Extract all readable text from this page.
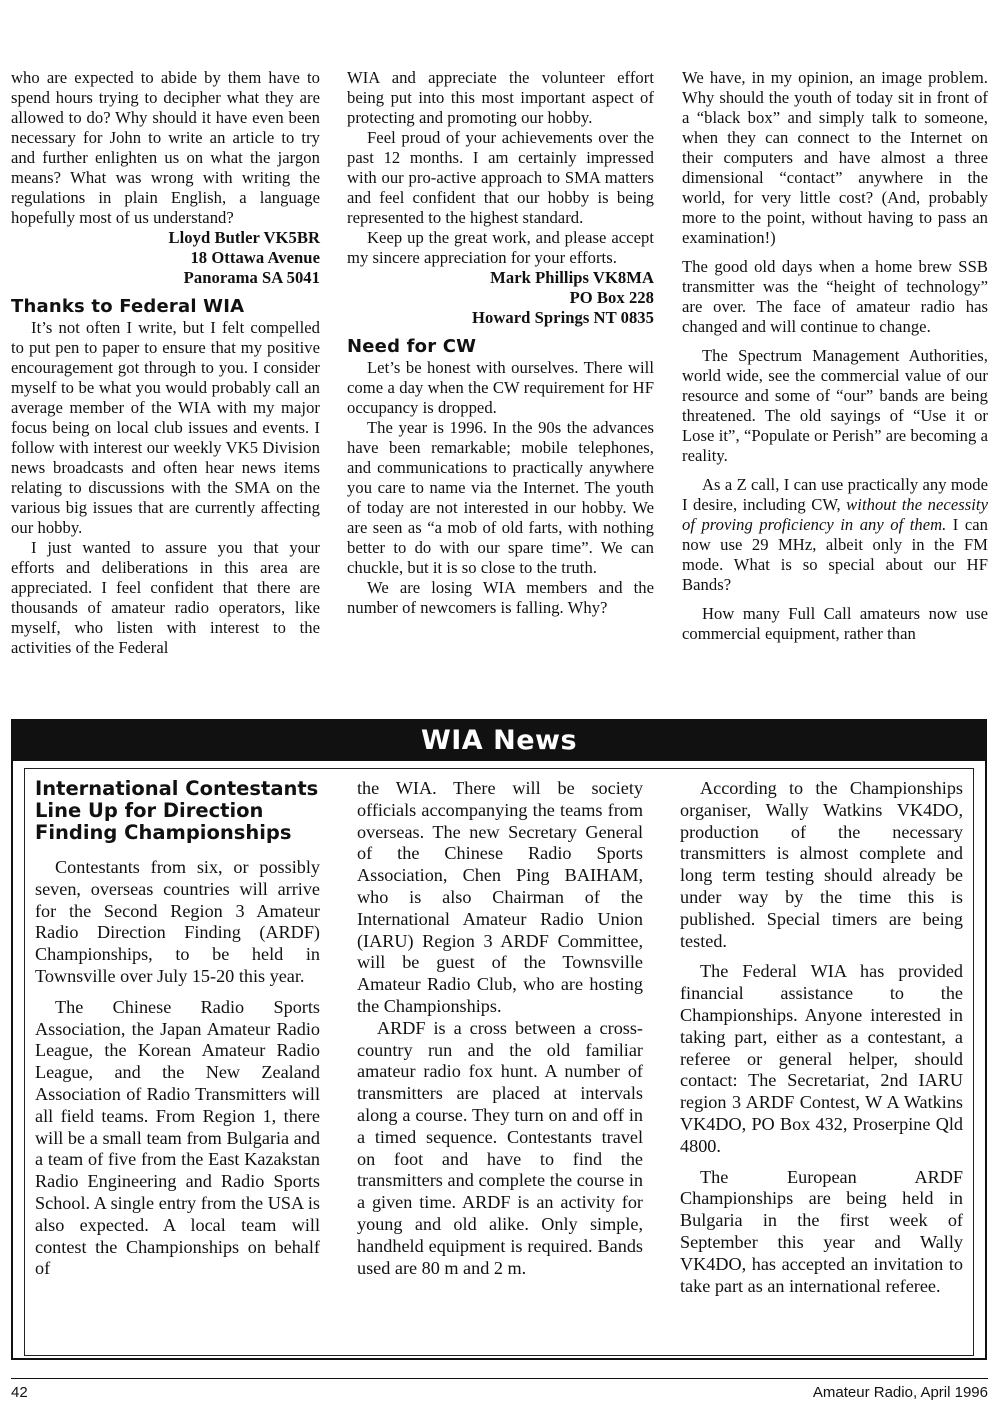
who are expected to abide by them have to spend hours trying to decipher what they are allowed to do? Why should it have even been necessary for John to write an article to try and further enlighten us on what the jargon means? What was wrong with writing the regulations in plain English, a language hopefully most of us understand?

Lloyd Butler VK5BR
18 Ottawa Avenue
Panorama SA 5041
Thanks to Federal WIA

It’s not often I write, but I felt compelled to put pen to paper to ensure that my positive encouragement got through to you. I consider myself to be what you would probably call an average member of the WIA with my major focus being on local club issues and events. I follow with interest our weekly VK5 Division news broadcasts and often hear news items relating to discussions with the SMA on the various big issues that are currently affecting our hobby.

I just wanted to assure you that your efforts and deliberations in this area are appreciated. I feel confident that there are thousands of amateur radio operators, like myself, who listen with interest to the activities of the Federal

WIA and appreciate the volunteer effort being put into this most important aspect of protecting and promoting our hobby.

Feel proud of your achievements over the past 12 months. I am certainly impressed with our pro-active approach to SMA matters and feel confident that our hobby is being represented to the highest standard.

Keep up the great work, and please accept my sincere appreciation for your efforts.

Mark Phillips VK8MA
PO Box 228
Howard Springs NT 0835
Need for CW

Let’s be honest with ourselves. There will come a day when the CW requirement for HF occupancy is dropped.

The year is 1996. In the 90s the advances have been remarkable; mobile telephones, and communications to practically anywhere you care to name via the Internet. The youth of today are not interested in our hobby. We are seen as “a mob of old farts, with nothing better to do with our spare time”. We can chuckle, but it is so close to the truth.

We are losing WIA members and the number of newcomers is falling. Why?

We have, in my opinion, an image problem. Why should the youth of today sit in front of a “black box” and simply talk to someone, when they can connect to the Internet on their computers and have almost a three dimensional “contact” anywhere in the world, for very little cost? (And, probably more to the point, without having to pass an examination!)

The good old days when a home brew SSB transmitter was the “height of technology” are over. The face of amateur radio has changed and will continue to change.

The Spectrum Management Authorities, world wide, see the commercial value of our resource and some of “our” bands are being threatened. The old sayings of “Use it or Lose it”, “Populate or Perish” are becoming a reality.

As a Z call, I can use practically any mode I desire, including CW, without the necessity of proving proficiency in any of them. I can now use 29 MHz, albeit only in the FM mode. What is so special about our HF Bands?

How many Full Call amateurs now use commercial equipment, rather than

WIA News
International Contestants Line Up for Direction Finding Championships

Contestants from six, or possibly seven, overseas countries will arrive for the Second Region 3 Amateur Radio Direction Finding (ARDF) Championships, to be held in Townsville over July 15-20 this year.

The Chinese Radio Sports Association, the Japan Amateur Radio League, the Korean Amateur Radio League, and the New Zealand Association of Radio Transmitters will all field teams. From Region 1, there will be a small team from Bulgaria and a team of five from the East Kazakstan Radio Engineering and Radio Sports School. A single entry from the USA is also expected. A local team will contest the Championships on behalf of

the WIA. There will be society officials accompanying the teams from overseas. The new Secretary General of the Chinese Radio Sports Association, Chen Ping BAIHAM, who is also Chairman of the International Amateur Radio Union (IARU) Region 3 ARDF Committee, will be guest of the Townsville Amateur Radio Club, who are hosting the Championships.

ARDF is a cross between a cross-country run and the old familiar amateur radio fox hunt. A number of transmitters are placed at intervals along a course. They turn on and off in a timed sequence. Contestants travel on foot and have to find the transmitters and complete the course in a given time. ARDF is an activity for young and old alike. Only simple, handheld equipment is required. Bands used are 80 m and 2 m.

According to the Championships organiser, Wally Watkins VK4DO, production of the necessary transmitters is almost complete and long term testing should already be under way by the time this is published. Special timers are being tested.

The Federal WIA has provided financial assistance to the Championships. Anyone interested in taking part, either as a contestant, a referee or general helper, should contact: The Secretariat, 2nd IARU region 3 ARDF Contest, W A Watkins VK4DO, PO Box 432, Proserpine Qld 4800.

The European ARDF Championships are being held in Bulgaria in the first week of September this year and Wally VK4DO, has accepted an invitation to take part as an international referee.

42	Amateur Radio, April 1996
